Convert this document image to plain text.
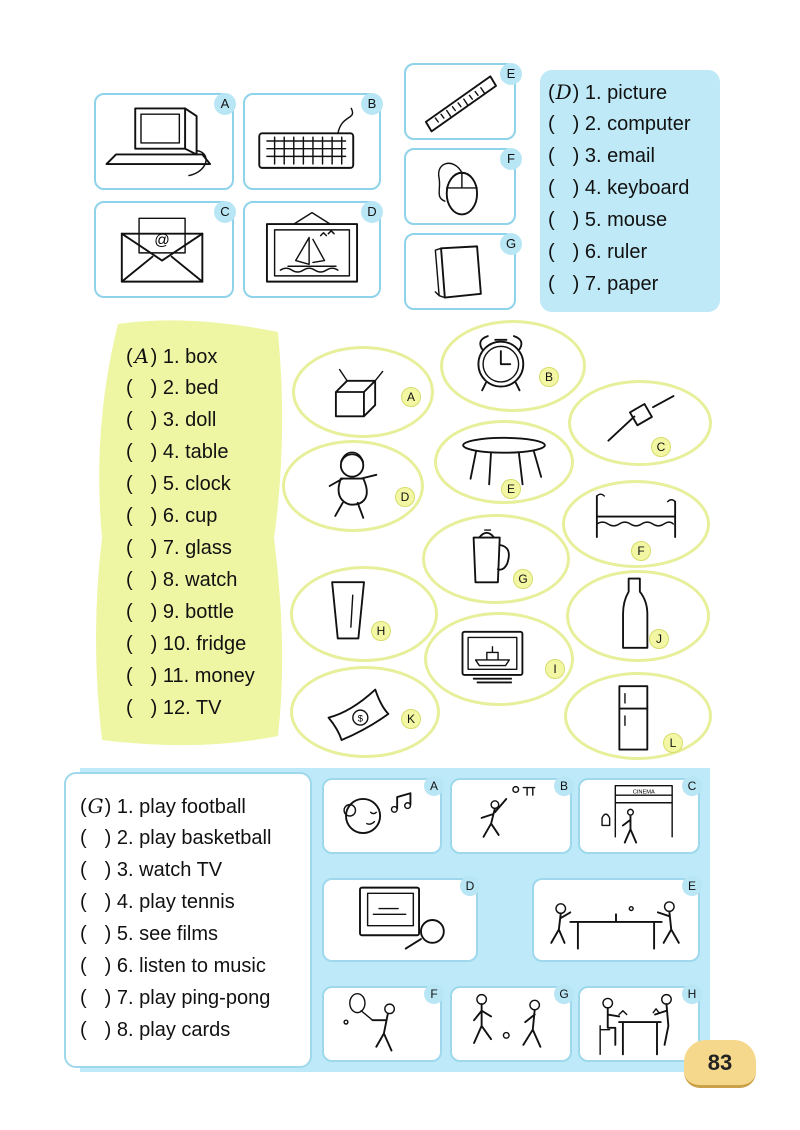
A	B
@
C	D
E
F
G
(D) 1. picture
( ) 2. computer
( ) 3. email
( ) 4. keyboard
( ) 5. mouse
( ) 6. ruler
( ) 7. paper
(A) 1. box
( ) 2. bed
( ) 3. doll
( ) 4. table
( ) 5. clock
( ) 6. cup
( ) 7. glass
( ) 8. watch
( ) 9. bottle
( ) 10. fridge
( ) 11. money
( ) 12. TV
A
B
C
D
E
F
G
H
J
I
$	K
L
(G) 1. play football
( ) 2. play basketball
( ) 3. watch TV
( ) 4. play tennis
( ) 5. see films
( ) 6. listen to music
( ) 7. play ping-pong
( ) 8. play cards
A	B	CINEMA	C
D	E
F	G	H
83
